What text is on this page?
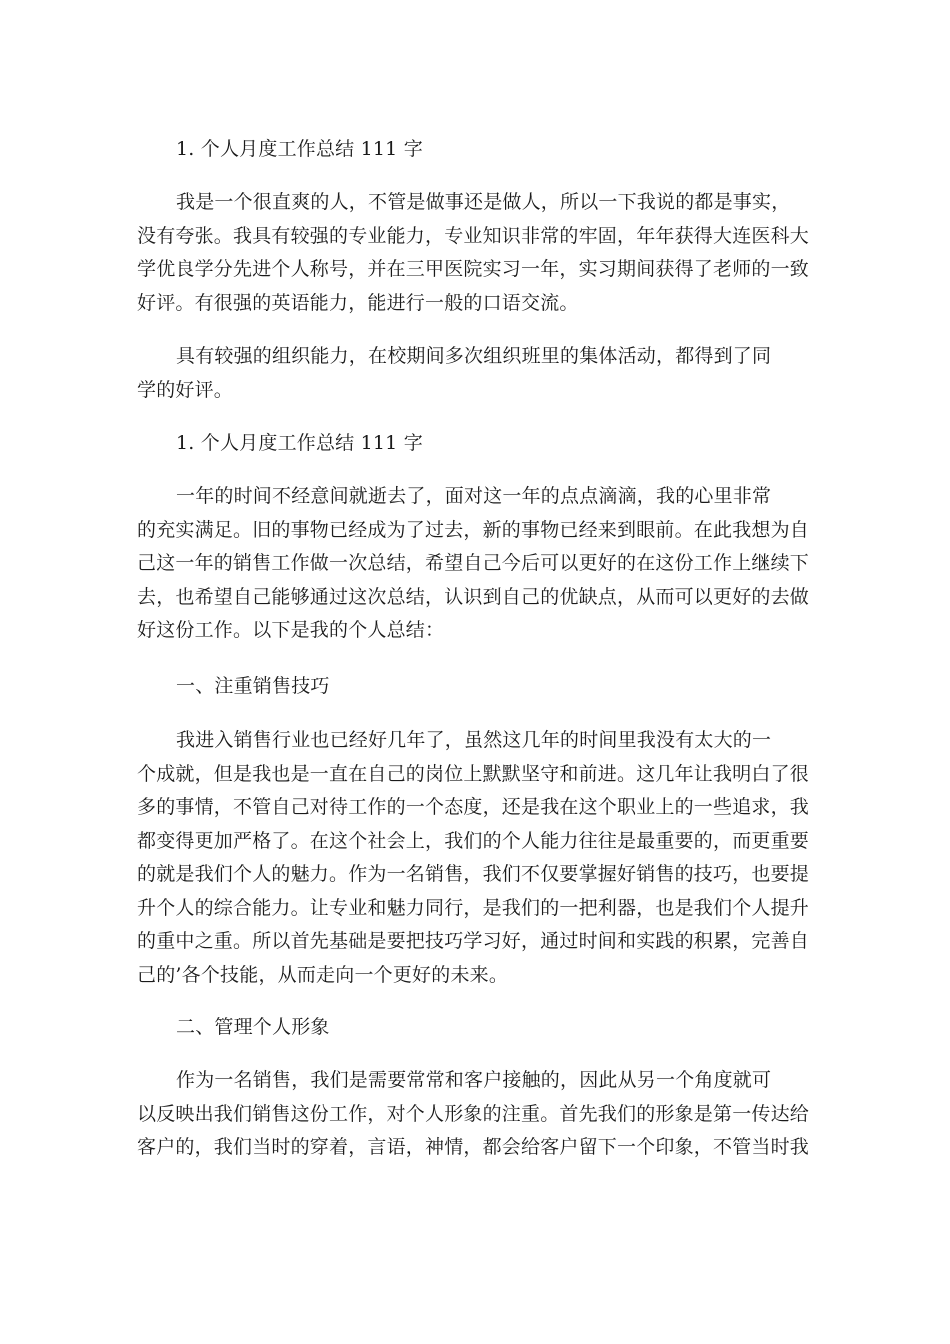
1. 个人月度工作总结 111 字

我是一个很直爽的人，不管是做事还是做人，所以一下我说的都是事实，
没有夸张。我具有较强的专业能力，专业知识非常的牢固，年年获得大连医科大
学优良学分先进个人称号，并在三甲医院实习一年，实习期间获得了老师的一致
好评。有很强的英语能力，能进行一般的口语交流。

具有较强的组织能力，在校期间多次组织班里的集体活动，都得到了同
学的好评。

1. 个人月度工作总结 111 字

一年的时间不经意间就逝去了，面对这一年的点点滴滴，我的心里非常
的充实满足。旧的事物已经成为了过去，新的事物已经来到眼前。在此我想为自
己这一年的销售工作做一次总结，希望自己今后可以更好的在这份工作上继续下
去，也希望自己能够通过这次总结，认识到自己的优缺点，从而可以更好的去做
好这份工作。以下是我的个人总结：

一、注重销售技巧

我进入销售行业也已经好几年了，虽然这几年的时间里我没有太大的一
个成就，但是我也是一直在自己的岗位上默默坚守和前进。这几年让我明白了很
多的事情，不管自己对待工作的一个态度，还是我在这个职业上的一些追求，我
都变得更加严格了。在这个社会上，我们的个人能力往往是最重要的，而更重要
的就是我们个人的魅力。作为一名销售，我们不仅要掌握好销售的技巧，也要提
升个人的综合能力。让专业和魅力同行，是我们的一把利器，也是我们个人提升
的重中之重。所以首先基础是要把技巧学习好，通过时间和实践的积累，完善自
己的’各个技能，从而走向一个更好的未来。

二、管理个人形象

作为一名销售，我们是需要常常和客户接触的，因此从另一个角度就可
以反映出我们销售这份工作，对个人形象的注重。首先我们的形象是第一传达给
客户的，我们当时的穿着，言语，神情，都会给客户留下一个印象，不管当时我
